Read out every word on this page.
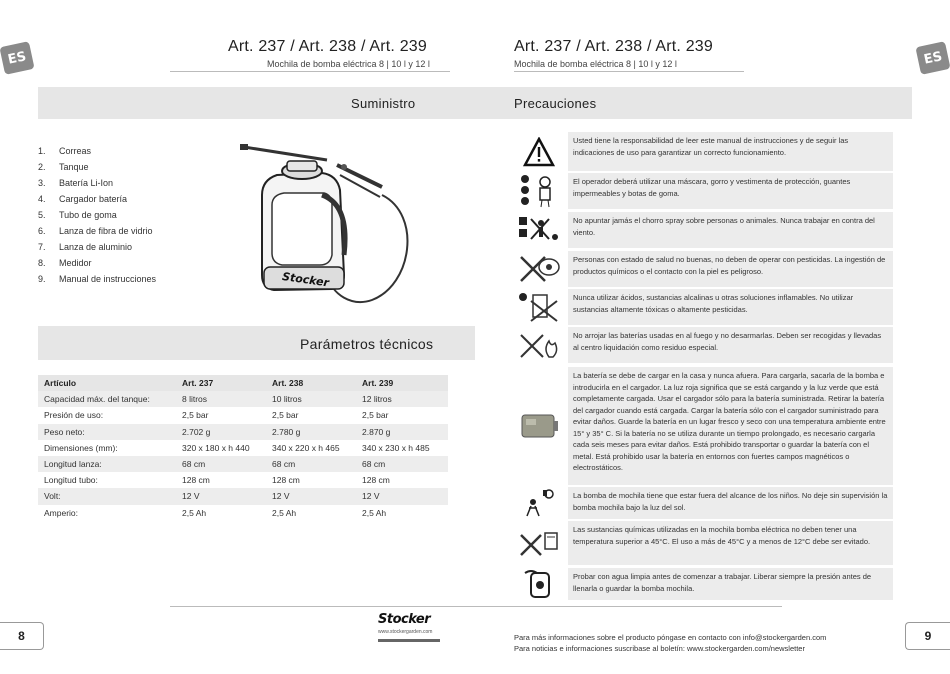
ES	ES
Art. 237 / Art. 238 / Art. 239
Mochila de bomba eléctrica 8 | 10 l y 12 l
Art. 237 / Art. 238 / Art. 239
Mochila de bomba eléctrica 8 | 10 l y 12 l
Suministro	Precauciones
1.	Correas
2.	Tanque
3.	Batería Li-Ion
4.	Cargador batería
5.	Tubo de goma
6.	Lanza de fibra de vidrio
7.	Lanza de aluminio
8.	Medidor
9.	Manual de instrucciones	Stocker
Parámetros técnicos
Artículo	Art. 237	Art. 238	Art. 239
Capacidad máx. del tanque:	8 litros	10 litros	12 litros
Presión de uso:	2,5 bar	2,5 bar	2,5 bar
Peso neto:	2.702 g	2.780 g	2.870 g
Dimensiones (mm):	320 x 180 x h 440	340 x 220 x h 465	340 x 230 x h 485
Longitud lanza:	68 cm	68 cm	68 cm
Longitud tubo:	128 cm	128 cm	128 cm
Volt:	12 V	12 V	12 V
Amperio:	2,5 Ah	2,5 Ah	2,5 Ah
Usted tiene la responsabilidad de leer este manual de instrucciones y de seguir las indicaciones de uso para garantizar un correcto funcionamiento.
El operador deberá utilizar una máscara, gorro y vestimenta de protección, guantes impermeables y botas de goma.
No apuntar jamás el chorro spray sobre personas o animales. Nunca trabajar en contra del viento.
Personas con estado de salud no buenas, no deben de operar con pesticidas. La ingestión de productos químicos o el contacto con la piel es peligroso.
Nunca utilizar ácidos, sustancias alcalinas u otras soluciones inflamables. No utilizar sustancias altamente tóxicas o altamente pesticidas.
No arrojar las baterías usadas en al fuego y no desarmarlas. Deben ser recogidas y llevadas al centro liquidación como residuo especial.
La batería se debe de cargar en la casa y nunca afuera. Para cargarla, sacarla de la bomba e introducirla en el cargador. La luz roja significa que se está cargando y la luz verde que está completamente cargada. Usar el cargador sólo para la batería suministrada. Retirar la batería del cargador cuando está cargada. Cargar la batería sólo con el cargador suministrado para evitar daños. Guarde la batería en un lugar fresco y seco con una temperatura ambiente entre 15° y 35° C. Si la batería no se utiliza durante un tiempo prolongado, es necesario cargarla cada seis meses para evitar daños. Está prohibido transportar o guardar la batería con el metal. Está prohibido usar la batería en entornos con fuertes campos magnéticos o electrostáticos.
La bomba de mochila tiene que estar fuera del alcance de los niños. No deje sin supervisión la bomba mochila bajo la luz del sol.
Las sustancias químicas utilizadas en la mochila bomba eléctrica no deben tener una temperatura superior a 45°C. El uso a más de 45°C y a menos de 12°C debe ser evitado.
Probar con agua limpia antes de comenzar a trabajar. Liberar siempre la presión antes de llenarla o guardar la bomba mochila.
8	9
Stocker
www.stockergarden.com
Para más informaciones sobre el producto póngase en contacto con info@stockergarden.com
Para noticias e informaciones suscribase al boletín: www.stockergarden.com/newsletter
